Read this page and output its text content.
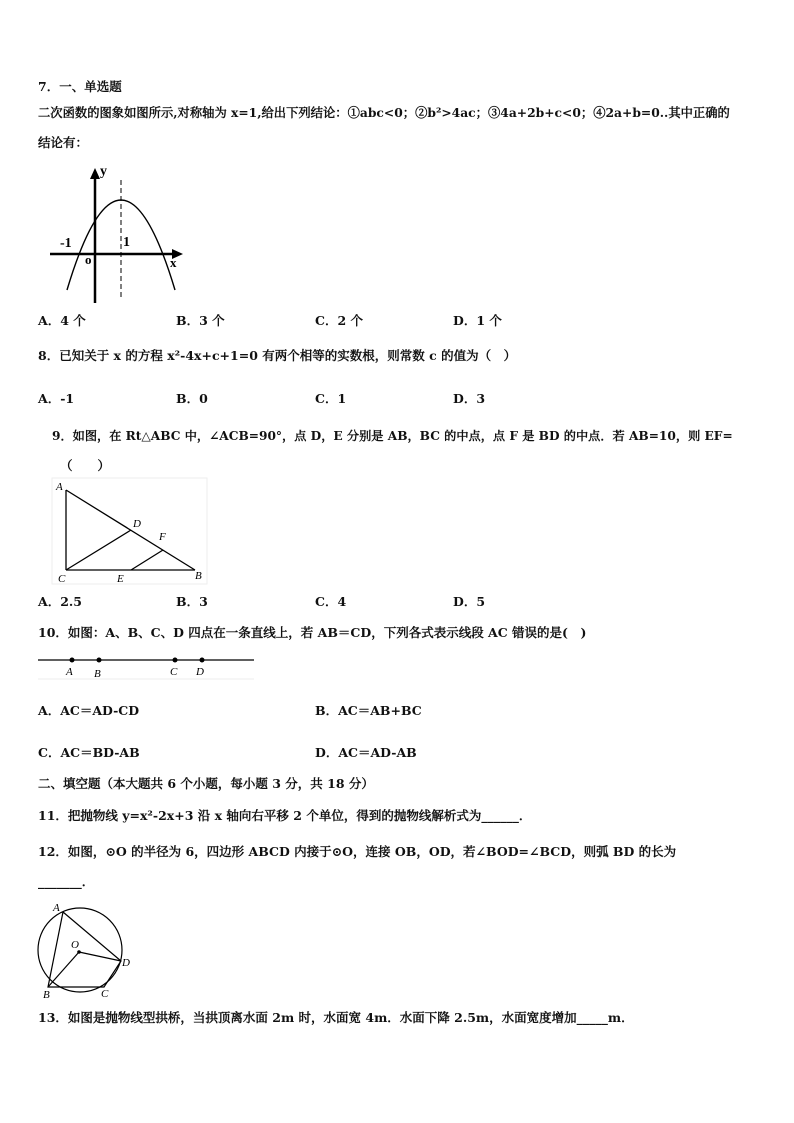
7．一、单选题
二次函数的图象如图所示,对称轴为 x=1,给出下列结论：①abc<0；②b²>4ac；③4a+2b+c<0；④2a+b=0..其中正确的
结论有：
y
x
-1	1
o
A．4 个	B．3 个	C．2 个	D．1 个
8．已知关于 x 的方程 x²-4x+c+1=0 有两个相等的实数根，则常数 c 的值为（　）
A．-1	B．0	C．1	D．3
9．如图，在 Rt△ABC 中，∠ACB=90°，点 D，E 分别是 AB，BC 的中点，点 F 是 BD 的中点．若 AB=10，则 EF=
（　　）
A
D
F
C	E	B
A．2.5	B．3	C．4	D．5
10．如图：A、B、C、D 四点在一条直线上，若 AB＝CD，下列各式表示线段 AC 错误的是(　)
A B	C D
A．AC＝AD-CD	B．AC＝AB+BC
C．AC＝BD-AB	D．AC＝AD-AB
二、填空题（本大题共 6 个小题，每小题 3 分，共 18 分）
11．把抛物线 y=x²-2x+3 沿 x 轴向右平移 2 个单位，得到的抛物线解析式为______．
12．如图，⊙O 的半径为 6，四边形 ABCD 内接于⊙O，连接 OB，OD，若∠BOD=∠BCD，则弧 BD 的长为
_______．
A
O
D
B	C
13．如图是抛物线型拱桥，当拱顶离水面 2m 时，水面宽 4m．水面下降 2.5m，水面宽度增加_____m．
